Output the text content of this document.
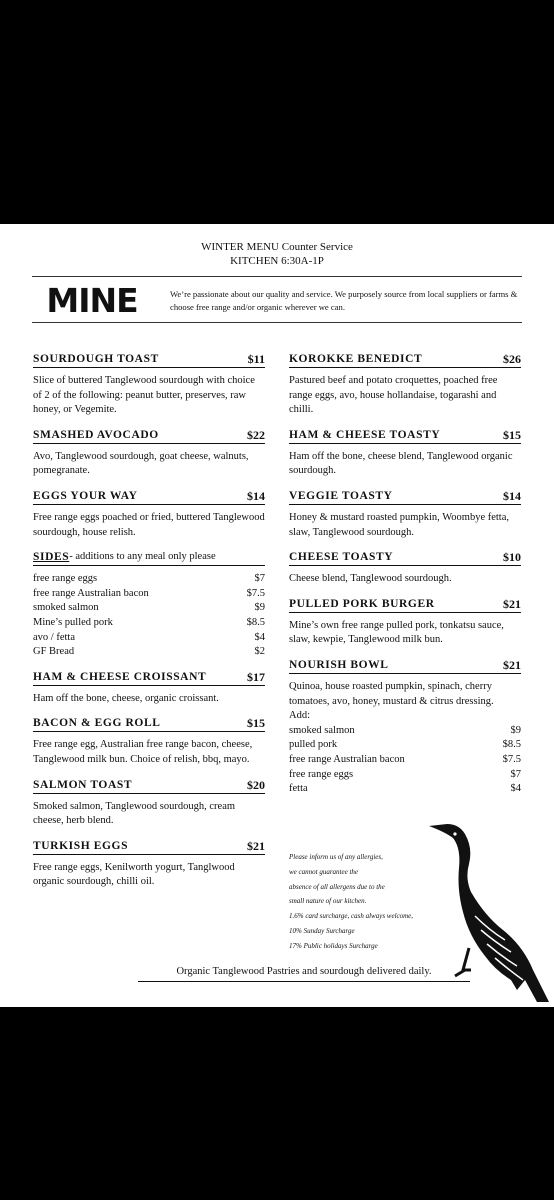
WINTER MENU Counter Service
KITCHEN 6:30A-1P
MINE	We’re passionate about our quality and service. We purposely source from local suppliers or farms & choose free range and/or organic wherever we can.
SOURDOUGH TOAST	$11
Slice of buttered Tanglewood sourdough with choice of 2 of the following: peanut butter, preserves, raw honey, or Vegemite.
SMASHED AVOCADO	$22
Avo, Tanglewood sourdough, goat cheese, walnuts, pomegranate.
EGGS YOUR WAY	$14
Free range eggs poached or fried, buttered Tanglewood sourdough, house relish.
SIDES - additions to any meal only please
free range eggs	$7
free range Australian bacon	$7.5
smoked salmon	$9
Mine’s pulled pork	$8.5
avo / fetta	$4
GF Bread	$2
HAM & CHEESE CROISSANT	$17
Ham off the bone, cheese, organic croissant.
BACON & EGG ROLL	$15
Free range egg, Australian free range bacon, cheese, Tanglewood milk bun. Choice of relish, bbq, mayo.
SALMON TOAST	$20
Smoked salmon, Tanglewood sourdough, cream cheese, herb blend.
TURKISH EGGS	$21
Free range eggs, Kenilworth yogurt, Tanglwood organic sourdough, chilli oil.
KOROKKE BENEDICT	$26
Pastured beef and potato croquettes, poached free range eggs, avo, house hollandaise, togarashi and chilli.
HAM & CHEESE TOASTY	$15
Ham off the bone, cheese blend, Tanglewood organic sourdough.
VEGGIE TOASTY	$14
Honey & mustard roasted pumpkin, Woombye fetta, slaw, Tanglewood sourdough.
CHEESE TOASTY	$10
Cheese blend, Tanglewood sourdough.
PULLED PORK BURGER	$21
Mine’s own free range pulled pork, tonkatsu sauce, slaw, kewpie, Tanglewood milk bun.
NOURISH BOWL	$21
Quinoa, house roasted pumpkin, spinach, cherry tomatoes, avo, honey, mustard & citrus dressing.
Add:
smoked salmon	$9
pulled pork	$8.5
free range Australian bacon	$7.5
free range eggs	$7
fetta	$4
Please inform us of any allergies,
we cannot guarantee the
absence of all allergens due to the
small nature of our kitchen.
1.6% card surcharge, cash always welcome,
10% Sunday Surcharge
17% Public holidays Surcharge
Organic Tanglewood Pastries and sourdough delivered daily.
